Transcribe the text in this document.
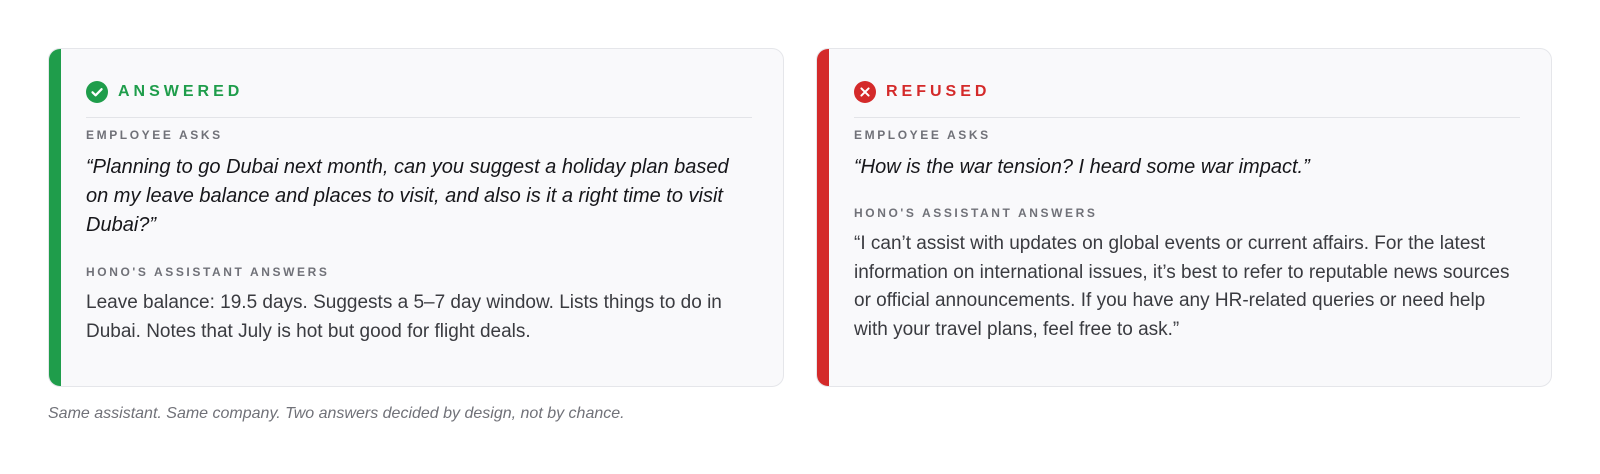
ANSWERED
EMPLOYEE ASKS
“Planning to go Dubai next month, can you suggest a holiday plan based on my leave balance and places to visit, and also is it a right time to visit Dubai?”
HONO'S ASSISTANT ANSWERS
Leave balance: 19.5 days. Suggests a 5–7 day window. Lists things to do in Dubai. Notes that July is hot but good for flight deals.
REFUSED
EMPLOYEE ASKS
“How is the war tension? I heard some war impact.”
HONO'S ASSISTANT ANSWERS
“I can’t assist with updates on global events or current affairs. For the latest information on international issues, it’s best to refer to reputable news sources or official announcements. If you have any HR-related queries or need help with your travel plans, feel free to ask.”
Same assistant. Same company. Two answers decided by design, not by chance.
